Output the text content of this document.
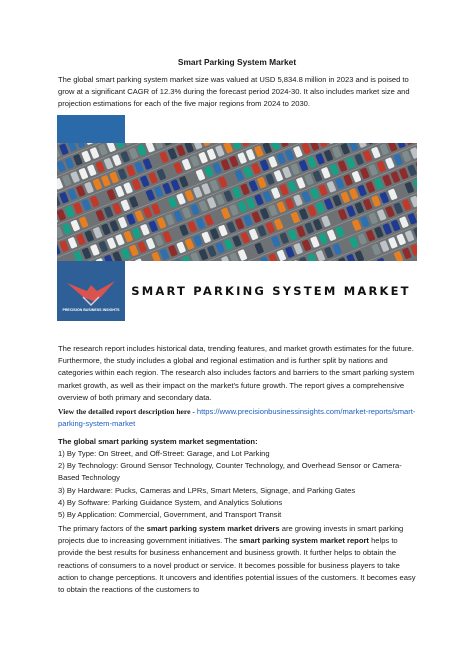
Smart Parking System Market

The global smart parking system market size was valued at USD 5,834.8 million in 2023 and is poised to grow at a significant CAGR of 12.3% during the forecast period 2024-30. It also includes market size and projection estimations for each of the five major regions from 2024 to 2030.

PRECISION BUSINESS INSIGHTS
SMART PARKING SYSTEM MARKET

The research report includes historical data, trending features, and market growth estimates for the future. Furthermore, the study includes a global and regional estimation and is further split by nations and categories within each region. The research also includes factors and barriers to the smart parking system market growth, as well as their impact on the market's future growth. The report gives a comprehensive overview of both primary and secondary data.

View the detailed report description here - https://www.precisionbusinessinsights.com/market-reports/smart-parking-system-market

The global smart parking system market segmentation:

1) By Type: On Street, and Off-Street: Garage, and Lot Parking
2) By Technology: Ground Sensor Technology, Counter Technology, and Overhead Sensor or Camera-Based Technology
3) By Hardware: Pucks, Cameras and LPRs, Smart Meters, Signage, and Parking Gates
4) By Software: Parking Guidance System, and Analytics Solutions
5) By Application: Commercial, Government, and Transport Transit

The primary factors of the smart parking system market drivers are growing invests in smart parking projects due to increasing government initiatives. The smart parking system market report helps to provide the best results for business enhancement and business growth. It further helps to obtain the reactions of consumers to a novel product or service. It becomes possible for business players to take action to change perceptions. It uncovers and identifies potential issues of the customers. It becomes easy to obtain the reactions of the customers to
